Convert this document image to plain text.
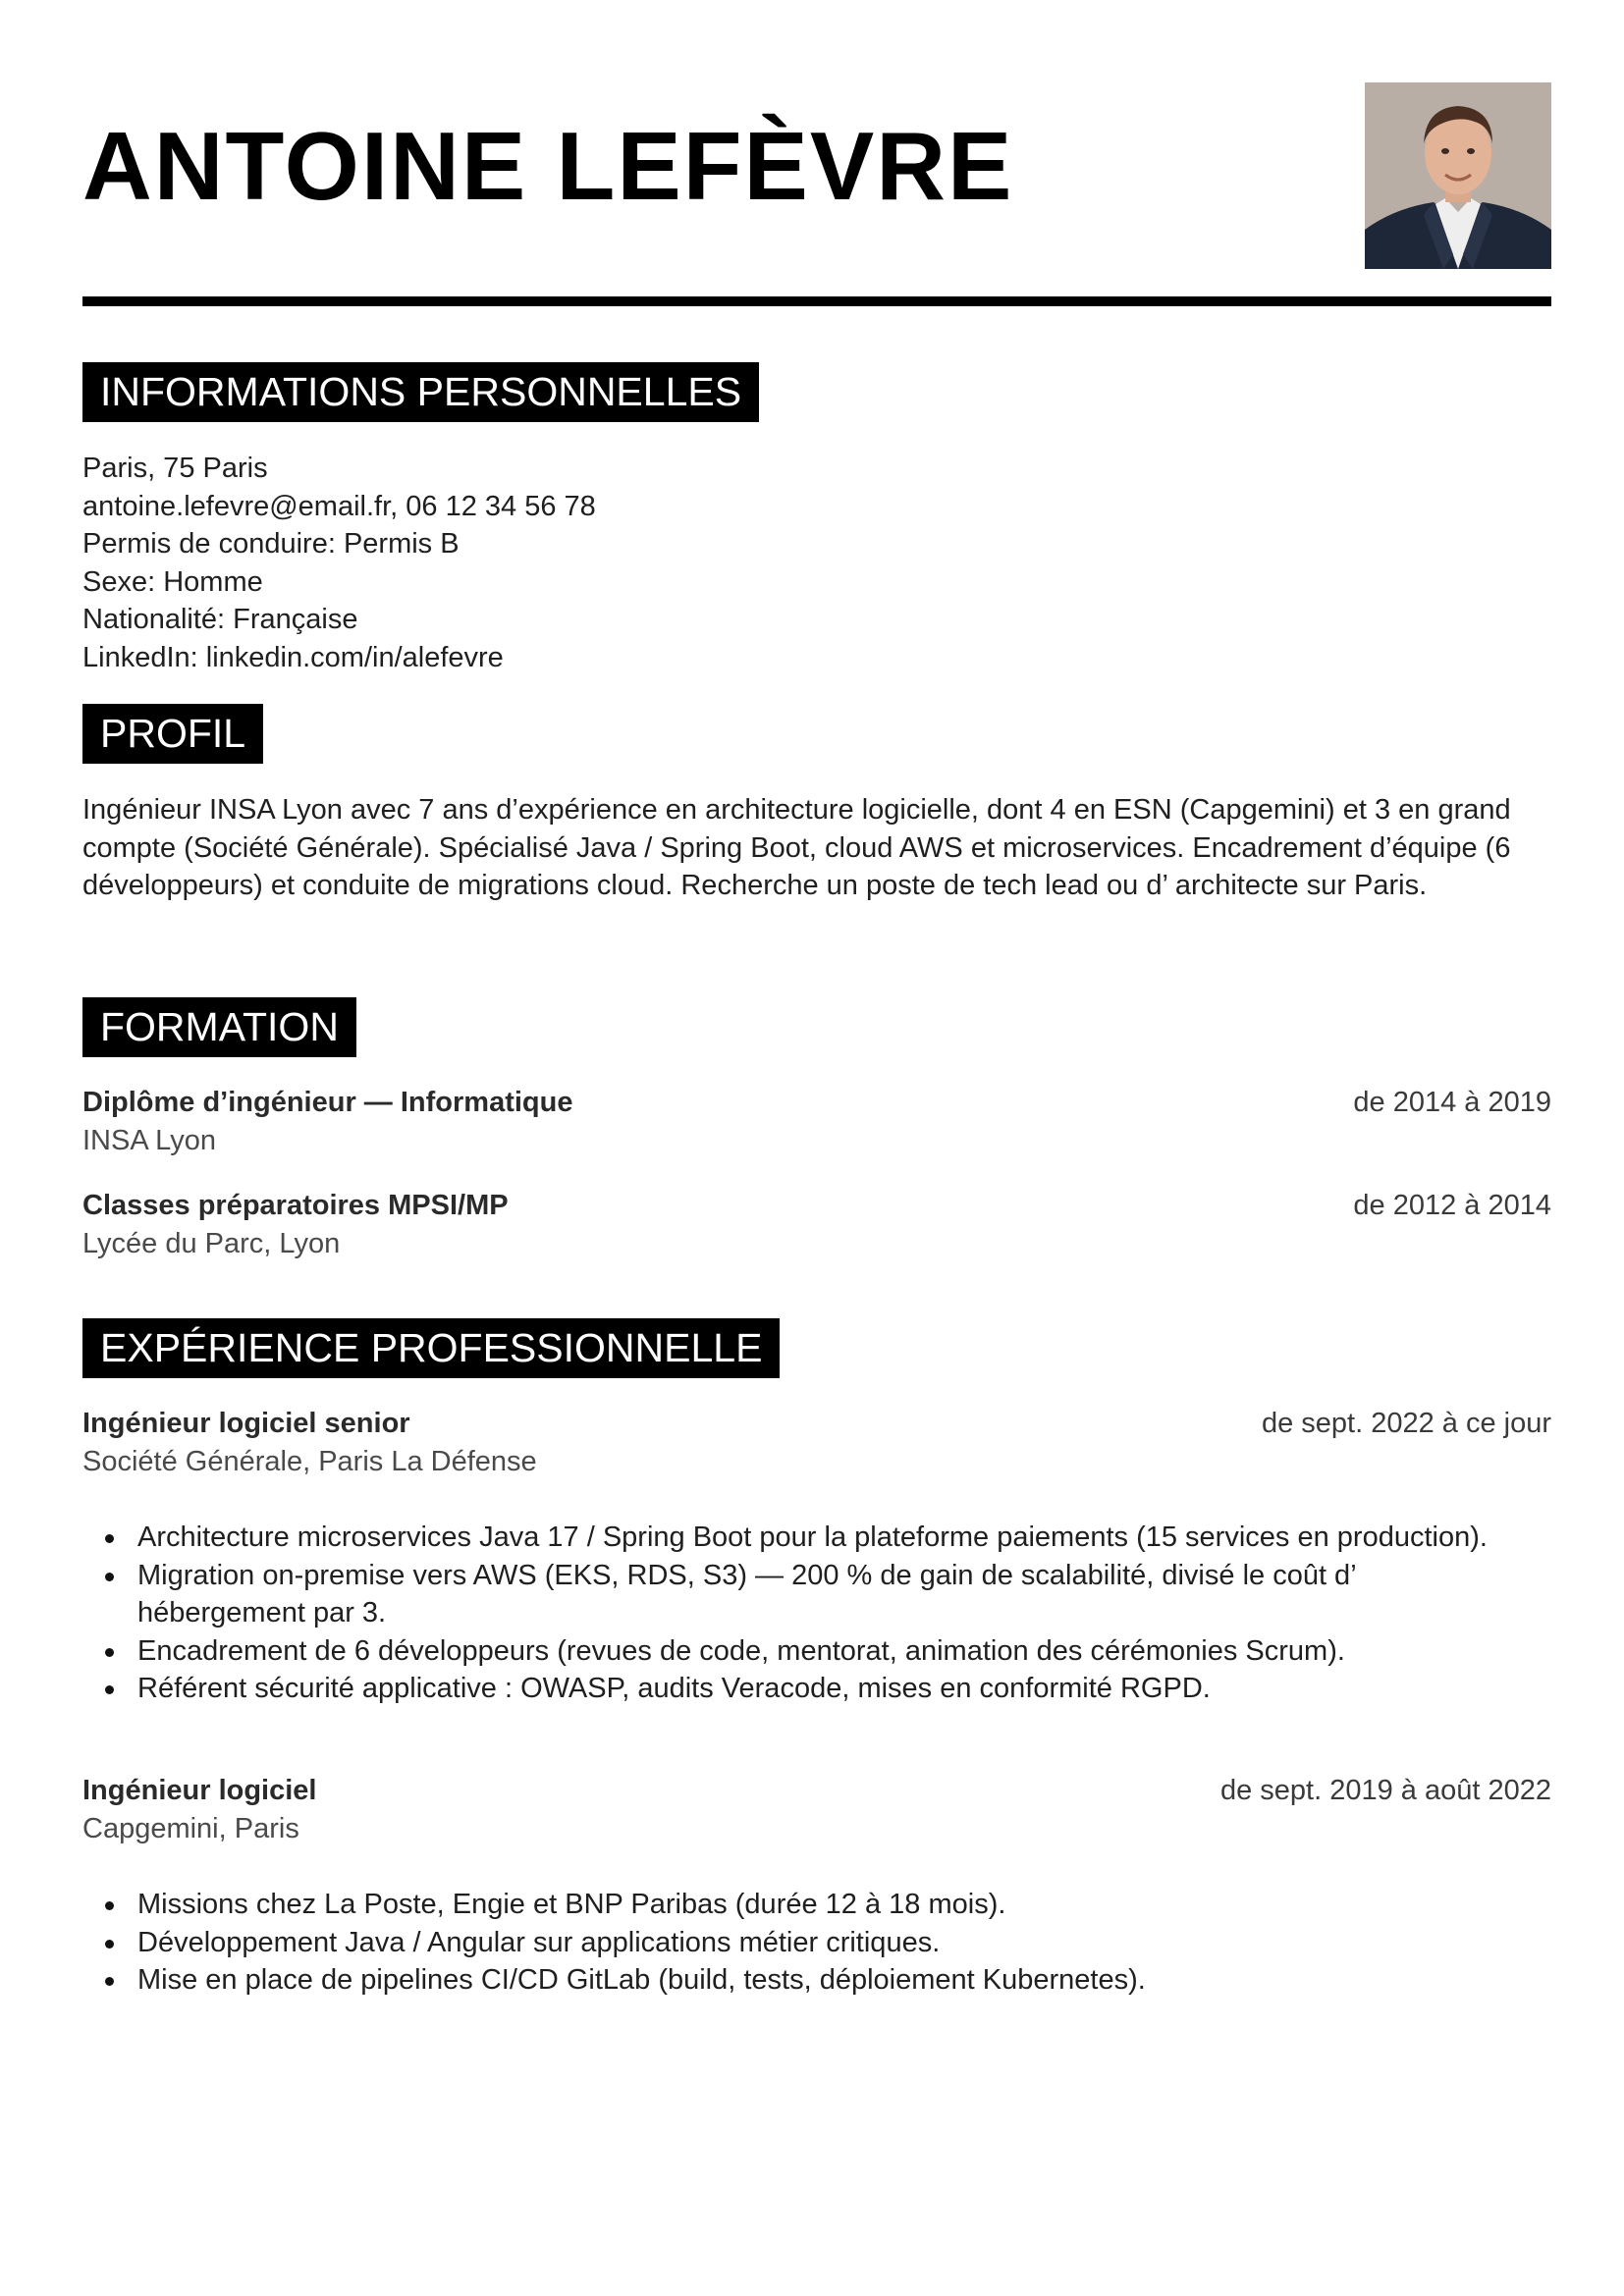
ANTOINE LEFÈVRE
INFORMATIONS PERSONNELLES
Paris, 75 Paris
antoine.lefevre@email.fr, 06 12 34 56 78
Permis de conduire: Permis B
Sexe: Homme
Nationalité: Française
LinkedIn: linkedin.com/in/alefevre
PROFIL
Ingénieur INSA Lyon avec 7 ans d’expérience en architecture logicielle, dont 4 en ESN (Capgemini) et 3 en grand compte (Société Générale). Spécialisé Java / Spring Boot, cloud AWS et microservices. Encadrement d’équipe (6 développeurs) et conduite de migrations cloud. Recherche un poste de tech lead ou d’ architecte sur Paris.
FORMATION
Diplôme d’ingénieur — Informatique	de 2014 à 2019
INSA Lyon
Classes préparatoires MPSI/MP	de 2012 à 2014
Lycée du Parc, Lyon
EXPÉRIENCE PROFESSIONNELLE
Ingénieur logiciel senior	de sept. 2022 à ce jour
Société Générale, Paris La Défense
Architecture microservices Java 17 / Spring Boot pour la plateforme paiements (15 services en production).
Migration on-premise vers AWS (EKS, RDS, S3) — 200 % de gain de scalabilité, divisé le coût d’ hébergement par 3.
Encadrement de 6 développeurs (revues de code, mentorat, animation des cérémonies Scrum).
Référent sécurité applicative : OWASP, audits Veracode, mises en conformité RGPD.
Ingénieur logiciel	de sept. 2019 à août 2022
Capgemini, Paris
Missions chez La Poste, Engie et BNP Paribas (durée 12 à 18 mois).
Développement Java / Angular sur applications métier critiques.
Mise en place de pipelines CI/CD GitLab (build, tests, déploiement Kubernetes).
